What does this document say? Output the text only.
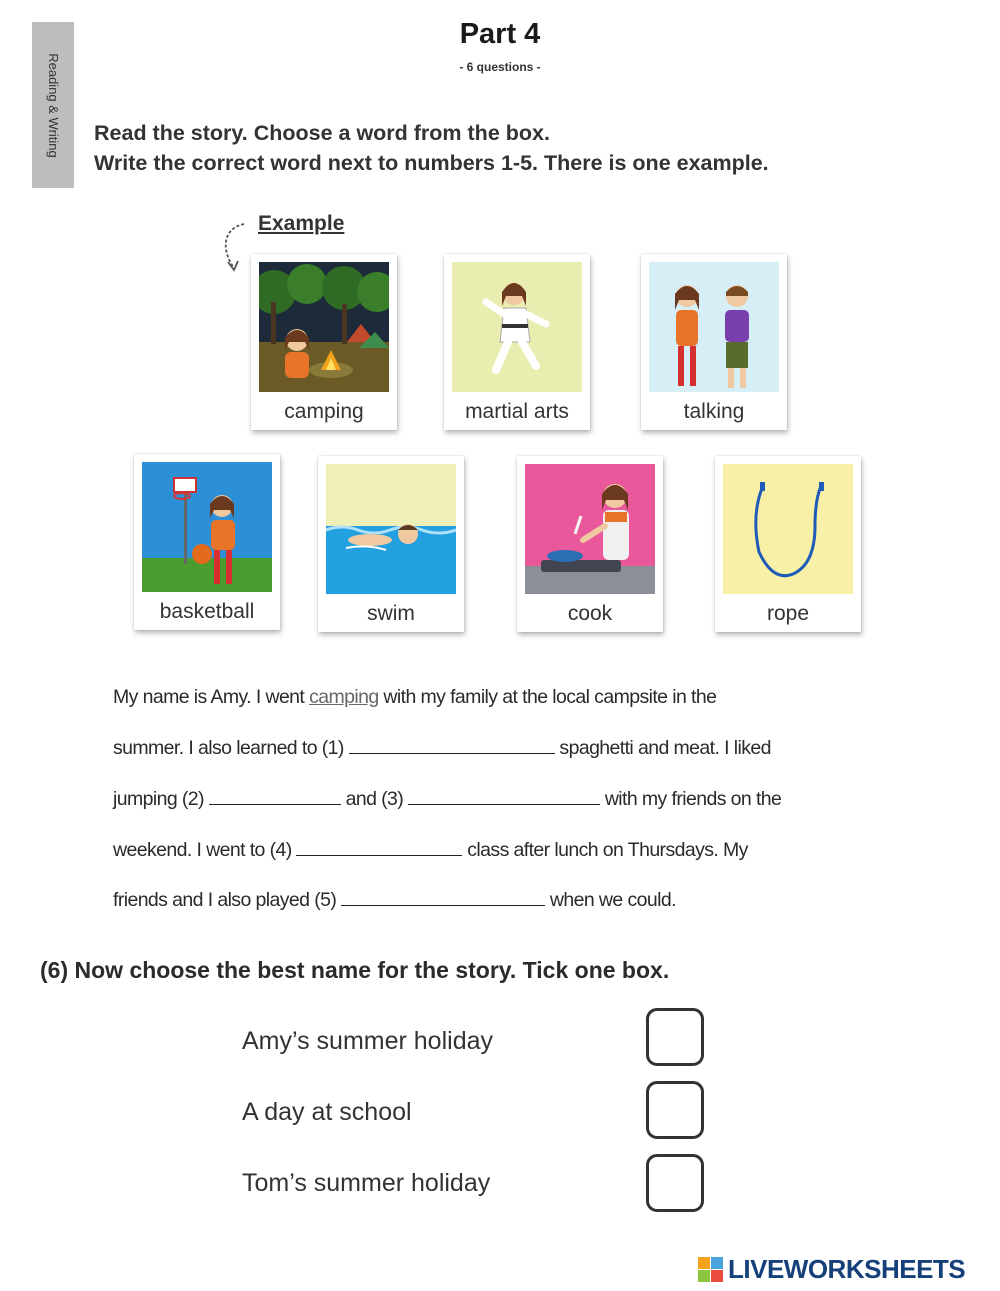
Reading & Writing
Part 4
- 6 questions -
Read the story. Choose a word from the box.
Write the correct word next to numbers 1-5. There is one example.
Example
camping	martial arts	talking
basketball	swim	cook	rope
My name is Amy. I went camping with my family at the local campsite in the
summer. I also learned to (1)	spaghetti and meat. I liked
jumping (2)	and (3)	with my friends on the
weekend. I went to (4)	class after lunch on Thursdays. My
friends and I also played (5)	when we could.
(6) Now choose the best name for the story. Tick one box.
Amy’s summer holiday
A day at school
Tom’s summer holiday
LIVEWORKSHEETS
